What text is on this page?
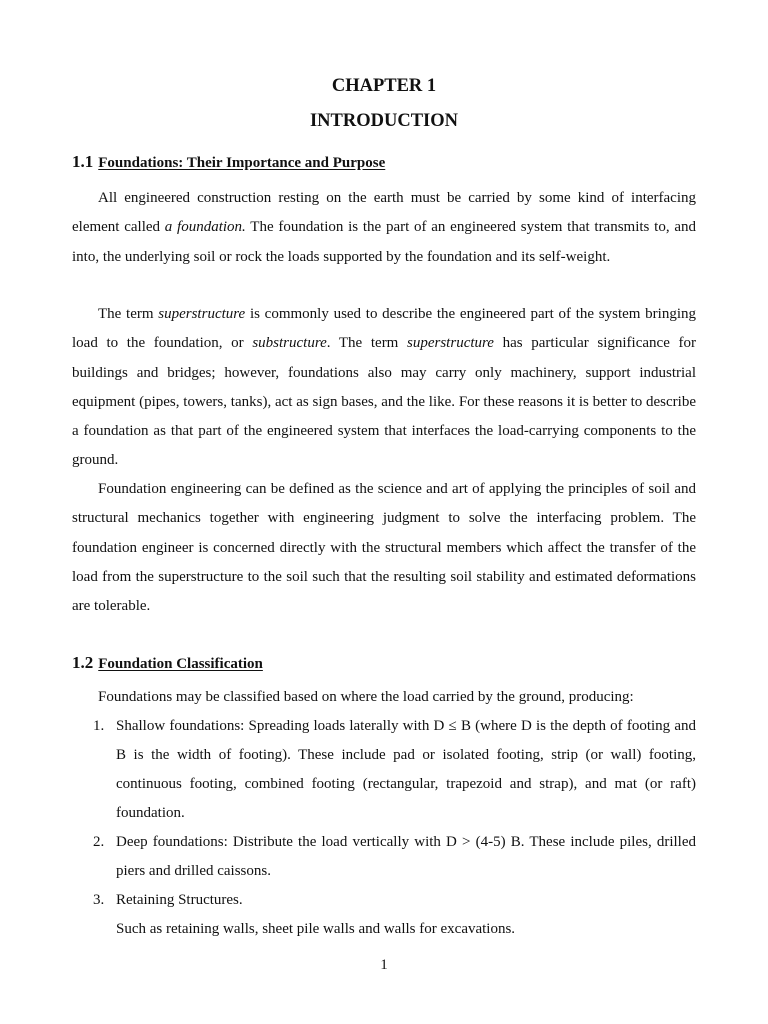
CHAPTER 1
INTRODUCTION
1.1 Foundations: Their Importance and Purpose

All engineered construction resting on the earth must be carried by some kind of interfacing element called a foundation. The foundation is the part of an engineered system that transmits to, and into, the underlying soil or rock the loads supported by the foundation and its self-weight.

The term superstructure is commonly used to describe the engineered part of the system bringing load to the foundation, or substructure. The term superstructure has particular significance for buildings and bridges; however, foundations also may carry only machinery, support industrial equipment (pipes, towers, tanks), act as sign bases, and the like. For these reasons it is better to describe a foundation as that part of the engineered system that interfaces the load-carrying components to the ground.

Foundation engineering can be defined as the science and art of applying the principles of soil and structural mechanics together with engineering judgment to solve the interfacing problem. The foundation engineer is concerned directly with the structural members which affect the transfer of the load from the superstructure to the soil such that the resulting soil stability and estimated deformations are tolerable.

1.2 Foundation Classification

Foundations may be classified based on where the load carried by the ground, producing:

1. Shallow foundations: Spreading loads laterally with D ≤ B (where D is the depth of footing and B is the width of footing). These include pad or isolated footing, strip (or wall) footing, continuous footing, combined footing (rectangular, trapezoid and strap), and mat (or raft) foundation.
2. Deep foundations: Distribute the load vertically with D > (4-5) B. These include piles, drilled piers and drilled caissons.
3. Retaining Structures.
Such as retaining walls, sheet pile walls and walls for excavations.
1
